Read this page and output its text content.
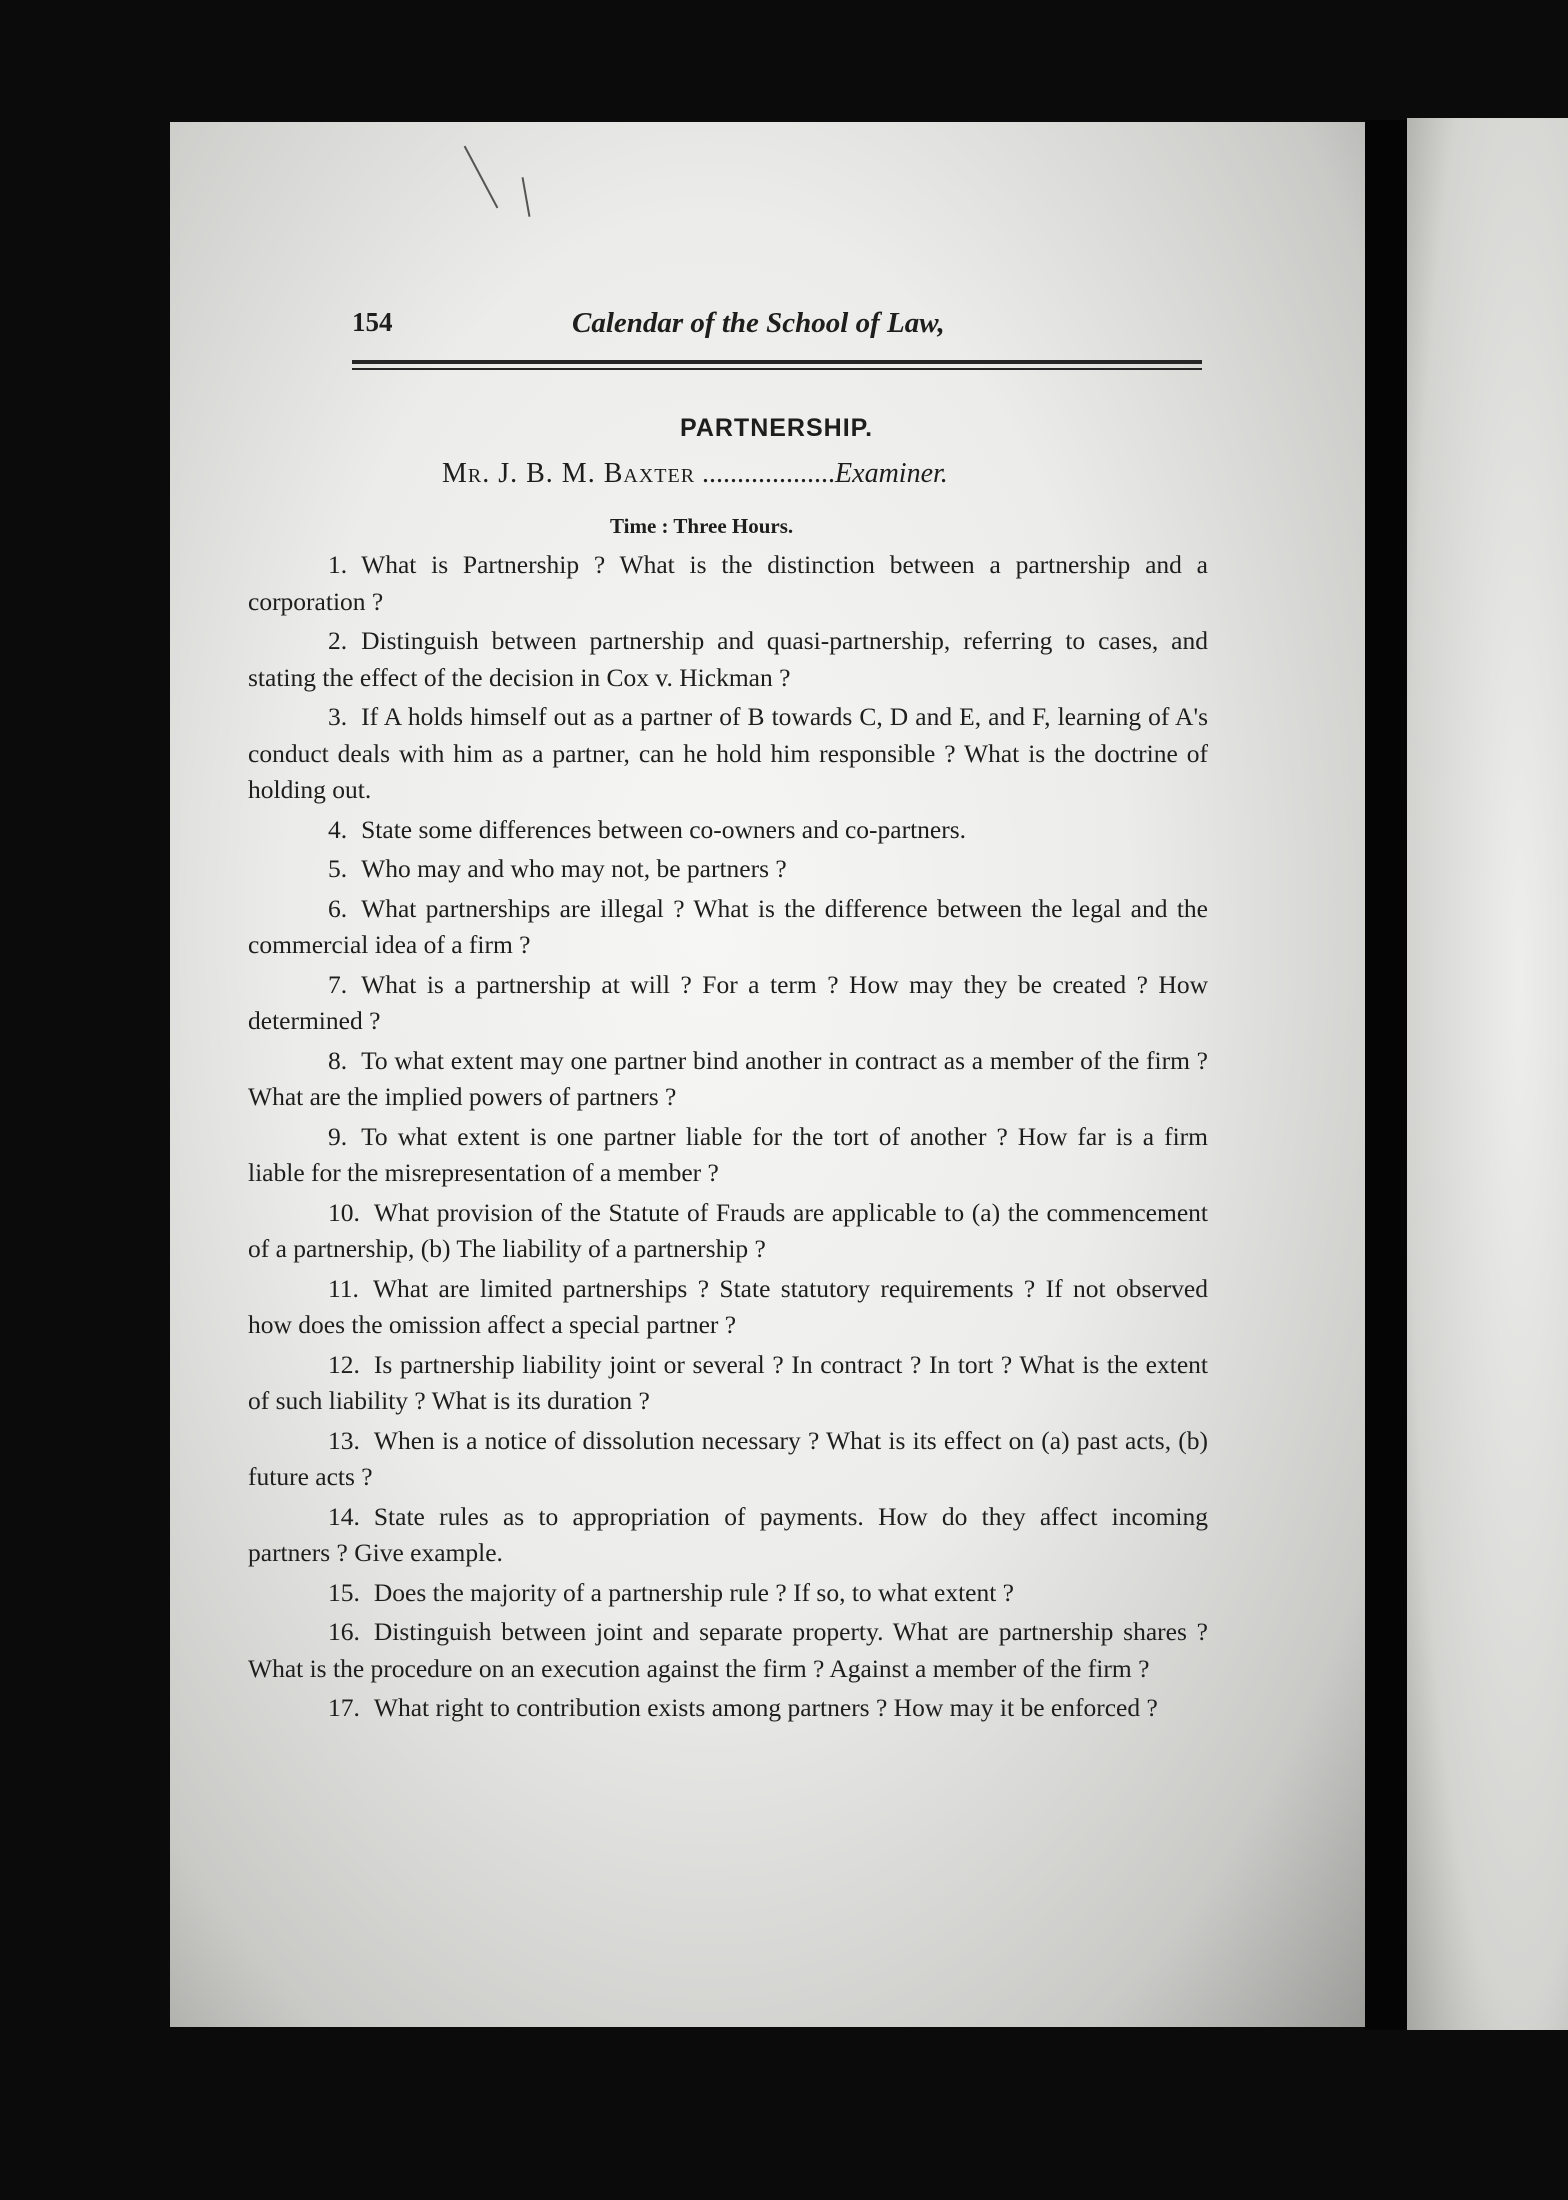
154	Calendar of the School of Law,
PARTNERSHIP.
Mr. J. B. M. Baxter ...................Examiner.
Time : Three Hours.

1. What is Partnership ? What is the distinction between a partnership and a corporation ?

2. Distinguish between partnership and quasi-partnership, referring to cases, and stating the effect of the decision in Cox v. Hickman ?

3. If A holds himself out as a partner of B towards C, D and E, and F, learning of A's conduct deals with him as a partner, can he hold him responsible ? What is the doctrine of holding out.

4. State some differences between co-owners and co-partners.

5. Who may and who may not, be partners ?

6. What partnerships are illegal ? What is the difference between the legal and the commercial idea of a firm ?

7. What is a partnership at will ? For a term ? How may they be created ? How determined ?

8. To what extent may one partner bind another in contract as a member of the firm ? What are the implied powers of partners ?

9. To what extent is one partner liable for the tort of another ? How far is a firm liable for the misrepresentation of a member ?

10. What provision of the Statute of Frauds are applicable to (a) the commencement of a partnership, (b) The liability of a partnership ?

11. What are limited partnerships ? State statutory requirements ? If not observed how does the omission affect a special partner ?

12. Is partnership liability joint or several ? In contract ? In tort ? What is the extent of such liability ? What is its duration ?

13. When is a notice of dissolution necessary ? What is its effect on (a) past acts, (b) future acts ?

14. State rules as to appropriation of payments. How do they affect incoming partners ? Give example.

15. Does the majority of a partnership rule ? If so, to what extent ?

16. Distinguish between joint and separate property. What are partnership shares ? What is the procedure on an execution against the firm ? Against a member of the firm ?

17. What right to contribution exists among partners ? How may it be enforced ?
